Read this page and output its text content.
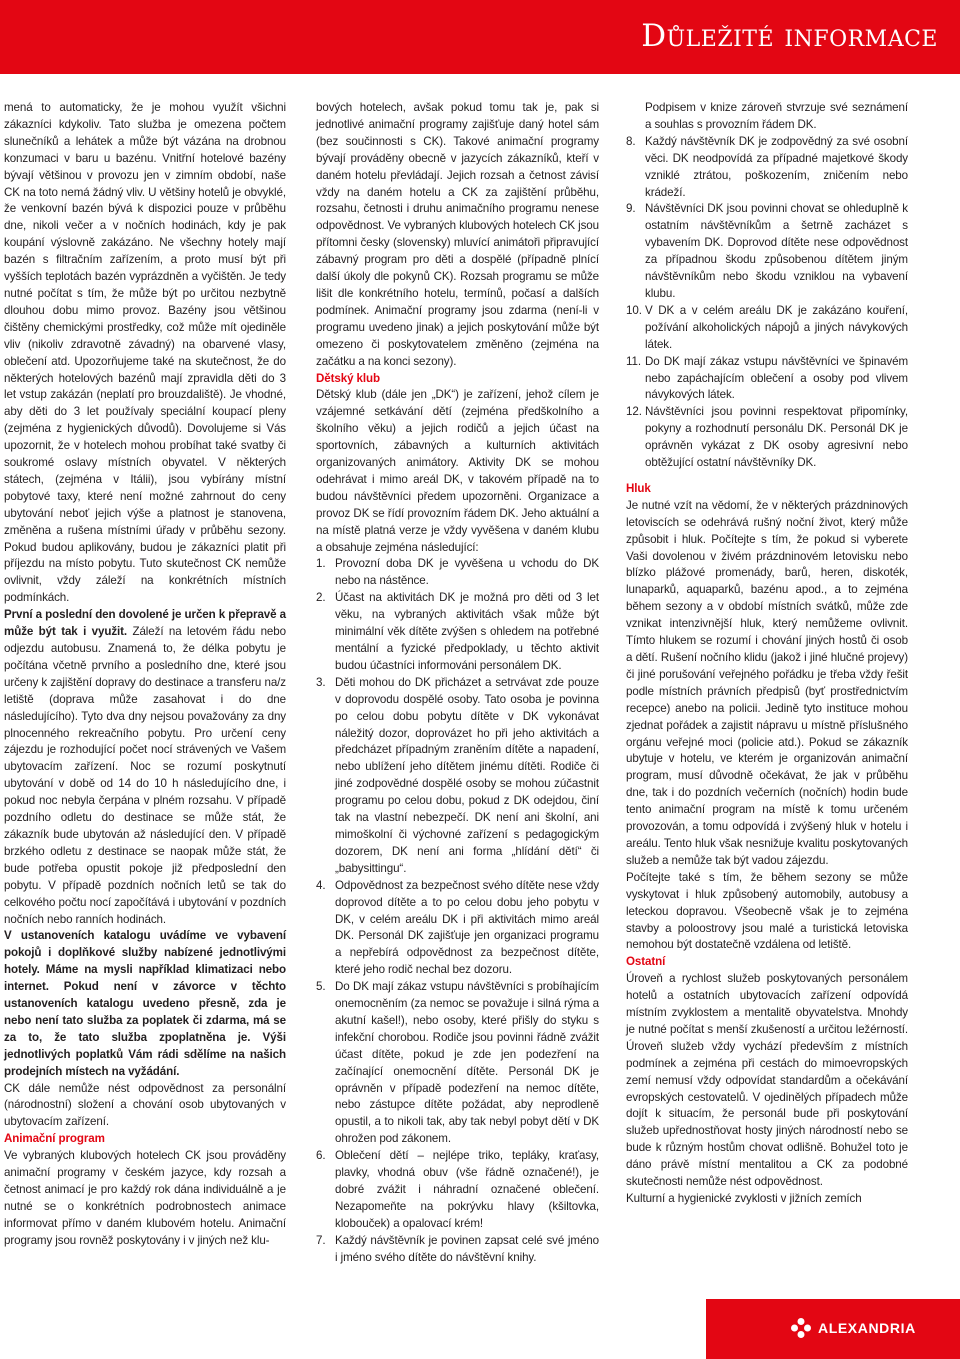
Důležité informace

mená to automaticky, že je mohou využít všichni zákazníci kdykoliv. Tato služba je omezena počtem slunečníků a lehátek a může být vázána na drobnou konzumaci v baru u bazénu. Vnitřní hotelové bazény bývají většinou v provozu jen v zimním období, naše CK na toto nemá žádný vliv. U většiny hotelů je obvyklé, že venkovní bazén bývá k dispozici pouze v průběhu dne, nikoli večer a v nočních hodinách, kdy je pak koupání výslovně zakázáno. Ne všechny hotely mají bazén s filtračním zařízením, a proto musí být při vyšších teplotách bazén vyprázdněn a vyčištěn. Je tedy nutné počítat s tím, že může být po určitou nezbytně dlouhou dobu mimo provoz. Bazény jsou většinou čištěny chemickými prostředky, což může mít ojediněle vliv (nikoliv zdravotně závadný) na obarvené vlasy, oblečení atd. Upozorňujeme také na skutečnost, že do některých hotelových bazénů mají zpravidla děti do 3 let vstup zakázán (neplatí pro brouzdaliště). Je vhodné, aby děti do 3 let používaly speciální koupací pleny (zejména z hygienických důvodů). Dovolujeme si Vás upozornit, že v hotelech mohou probíhat také svatby či soukromé oslavy místních obyvatel. V některých státech, (zejména v Itálii), jsou vybírány místní pobytové taxy, které není možné zahrnout do ceny ubytování neboť jejich výše a platnost je stanovena, změněna a rušena místními úřady v průběhu sezony. Pokud budou aplikovány, budou je zákazníci platit při příjezdu na místo pobytu. Tuto skutečnost CK nemůže ovlivnit, vždy záleží na konkrétních místních podmínkách.

První a poslední den dovolené je určen k přepravě a může být tak i využit. Záleží na letovém řádu nebo odjezdu autobusu. Znamená to, že délka pobytu je počítána včetně prvního a posledního dne, které jsou určeny k zajištění dopravy do destinace a transferu na/z letiště (doprava může zasahovat i do dne následujícího). Tyto dva dny nejsou považovány za dny plnocenného rekreačního pobytu. Pro určení ceny zájezdu je rozhodující počet nocí strávených ve Vašem ubytovacím zařízení. Noc se rozumí poskytnutí ubytování v době od 14 do 10 h následujícího dne, i pokud noc nebyla čerpána v plném rozsahu. V případě pozdního odletu do destinace se může stát, že zákazník bude ubytován až následující den. V případě brzkého odletu z destinace se naopak může stát, že bude potřeba opustit pokoje již předposlední den pobytu. V případě pozdních nočních letů se tak do celkového počtu nocí započítává i ubytování v pozdních nočních nebo ranních hodinách.

V ustanoveních katalogu uvádíme ve vybavení pokojů i doplňkové služby nabízené jednotlivými hotely. Máme na mysli například klimatizaci nebo internet. Pokud není v závorce v těchto ustanoveních katalogu uvedeno přesně, zda je nebo není tato služba za poplatek či zdarma, má se za to, že tato služba zpoplatněna je. Výši jednotlivých poplatků Vám rádi sdělíme na našich prodejních místech na vyžádání.

CK dále nemůže nést odpovědnost za personální (národnostní) složení a chování osob ubytovaných v ubytovacím zařízení.

Animační program

Ve vybraných klubových hotelech CK jsou prováděny animační programy v českém jazyce, kdy rozsah a četnost animací je pro každý rok dána individuálně a je nutné se o konkrétních podrobnostech animace informovat přímo v daném klubovém hotelu. Animační programy jsou rovněž poskytovány i v jiných než klu-

bových hotelech, avšak pokud tomu tak je, pak si jednotlivé animační programy zajišťuje daný hotel sám (bez součinnosti s CK). Takové animační programy bývají prováděny obecně v jazycích zákazníků, kteří v daném hotelu převládají. Jejich rozsah a četnost závisí vždy na daném hotelu a CK za zajištění průběhu, rozsahu, četnosti i druhu animačního programu nenese odpovědnost. Ve vybraných klubových hotelech CK jsou přítomni česky (slovensky) mluvící animátoři připravující zábavný program pro děti a dospělé (případně plnící další úkoly dle pokynů CK). Rozsah programu se může lišit dle konkrétního hotelu, termínů, počasí a dalších podmínek. Animační programy jsou zdarma (není-li v programu uvedeno jinak) a jejich poskytování může být omezeno či poskytovatelem změněno (zejména na začátku a na konci sezony).

Dětský klub

Dětský klub (dále jen „DK“) je zařízení, jehož cílem je vzájemné setkávání dětí (zejména předškolního a školního věku) a jejich rodičů a jejich účast na sportovních, zábavných a kulturních aktivitách organizovaných animátory. Aktivity DK se mohou odehrávat i mimo areál DK, v takovém případě na to budou návštěvníci předem upozorněni. Organizace a provoz DK se řídí provozním řádem DK. Jeho aktuální a na místě platná verze je vždy vyvěšena v daném klubu a obsahuje zejména následující:

1. Provozní doba DK je vyvěšena u vchodu do DK nebo na nástěnce.
2. Účast na aktivitách DK je možná pro děti od 3 let věku, na vybraných aktivitách však může být minimální věk dítěte zvýšen s ohledem na potřebné mentální a fyzické předpoklady, u těchto aktivit budou účastníci informováni personálem DK.
3. Děti mohou do DK přicházet a setrvávat zde pouze v doprovodu dospělé osoby. Tato osoba je povinna po celou dobu pobytu dítěte v DK vykonávat náležitý dozor, doprovázet ho při jeho aktivitách a předcházet případným zraněním dítěte a napadení, nebo ublížení jeho dítětem jinému dítěti. Rodiče či jiné zodpovědné dospělé osoby se mohou zúčastnit programu po celou dobu, pokud z DK odejdou, činí tak na vlastní nebezpečí. DK není ani školní, ani mimoškolní či výchovné zařízení s pedagogickým dozorem, DK není ani forma „hlídání dětí“ či „babysittingu“.
4. Odpovědnost za bezpečnost svého dítěte nese vždy doprovod dítěte a to po celou dobu jeho pobytu v DK, v celém areálu DK i při aktivitách mimo areál DK. Personál DK zajišťuje jen organizaci programu a nepřebírá odpovědnost za bezpečnost dítěte, které jeho rodič nechal bez dozoru.
5. Do DK mají zákaz vstupu návštěvníci s probíhajícím onemocněním (za nemoc se považuje i silná rýma a akutní kašel!), nebo osoby, které přišly do styku s infekční chorobou. Rodiče jsou povinni řádně zvážit účast dítěte, pokud je zde jen podezření na začínající onemocnění dítěte. Personál DK je oprávněn v případě podezření na nemoc dítěte, nebo zástupce dítěte požádat, aby neprodleně opustil, a to nikoli tak, aby tak nebyl pobyt dětí v DK ohrožen pod zákonem.
6. Oblečení dětí – nejlépe triko, teplákу, kraťasy, plavky, vhodná obuv (vše řádně označené!), je dobré zvážit i náhradní označené oblečení. Nezapomeňte na pokrývku hlavy (kšiltovka, klobouček) a opalovací krém!
7. Každý návštěvník je povinen zapsat celé své jméno i jméno svého dítěte do návštěvní knihy.
Podpisem v knize zároveň stvrzuje své seznámení a souhlas s provozním řádem DK.
8. Každý návštěvník DK je zodpovědný za své osobní věci. DK neodpovídá za případné majetkové škody vzniklé ztrátou, poškozením, zničením nebo krádeží.
9. Návštěvníci DK jsou povinni chovat se ohleduplně k ostatním návštěvníkům a šetrně zacházet s vybavením DK. Doprovod dítěte nese odpovědnost za případnou škodu způsobenou dítětem jiným návštěvníkům nebo škodu vzniklou na vybavení klubu.
10. V DK a v celém areálu DK je zakázáno kouření, požívání alkoholických nápojů a jiných návykových látek.
11. Do DK mají zákaz vstupu návštěvníci ve špinavém nebo zapáchajícím oblečení a osoby pod vlivem návykových látek.
12. Návštěvníci jsou povinni respektovat připomínky, pokyny a rozhodnutí personálu DK. Personál DK je oprávněn vykázat z DK osoby agresivní nebo obtěžující ostatní návštěvníky DK.

Hluk

Je nutné vzít na vědomí, že v některých prázdninových letoviscích se odehrává rušný noční život, který může způsobit i hluk. Počítejte s tím, že pokud si vyberete Vaši dovolenou v živém prázdninovém letovisku nebo blízko plážové promenády, barů, heren, diskoték, lunaparků, aquaparků, bazénu apod., a to zejména během sezony a v období místních svátků, může zde vznikat intenzivnější hluk, který nemůžeme ovlivnit. Tímto hlukem se rozumí i chování jiných hostů či osob a dětí. Rušení nočního klidu (jakož i jiné hlučné projevy) či jiné porušování veřejného pořádku je třeba vždy řešit podle místních právních předpisů (byť prostřednictvím recepce) anebo na policii. Jedině tyto instituce mohou zjednat pořádek a zajistit nápravu u místně příslušného orgánu veřejné moci (policie atd.). Pokud se zákazník ubytuje v hotelu, ve kterém je organizován animační program, musí důvodně očekávat, že jak v průběhu dne, tak i do pozdních večerních (nočních) hodin bude tento animační program na místě k tomu určeném provozován, a tomu odpovídá i zvýšený hluk v hotelu i areálu. Tento hluk však nesnižuje kvalitu poskytovaných služeb a nemůže tak být vadou zájezdu.

Počítejte také s tím, že během sezony se může vyskytovat i hluk způsobený automobily, autobusy a leteckou dopravou. Všeobecně však je to zejména stavby a poloostrovy jsou malé a turistická letoviska nemohou být dostatečně vzdálena od letiště.

Ostatní

Úroveň a rychlost služeb poskytovaných personálem hotelů a ostatních ubytovacích zařízení odpovídá místním zvyklostem a mentalitě obyvatelstva. Mnohdy je nutné počítat s menší zkušeností a určitou ležérností. Úroveň služeb vždy vychází především z místních podmínek a zejména při cestách do mimoevropských zemí nemusí vždy odpovídat standardům a očekávání evropských cestovatelů. V ojedinělých případech může dojít k situacím, že personál bude při poskytování služeb upřednostňovat hosty jiných národností nebo se bude k různým hostům chovat odlišně. Bohužel toto je dáno právě místní mentalitou a CK za podobné skutečnosti nemůže nést odpovědnost.

Kulturní a hygienické zvyklosti v jižních zemích

ALEXANDRIA
